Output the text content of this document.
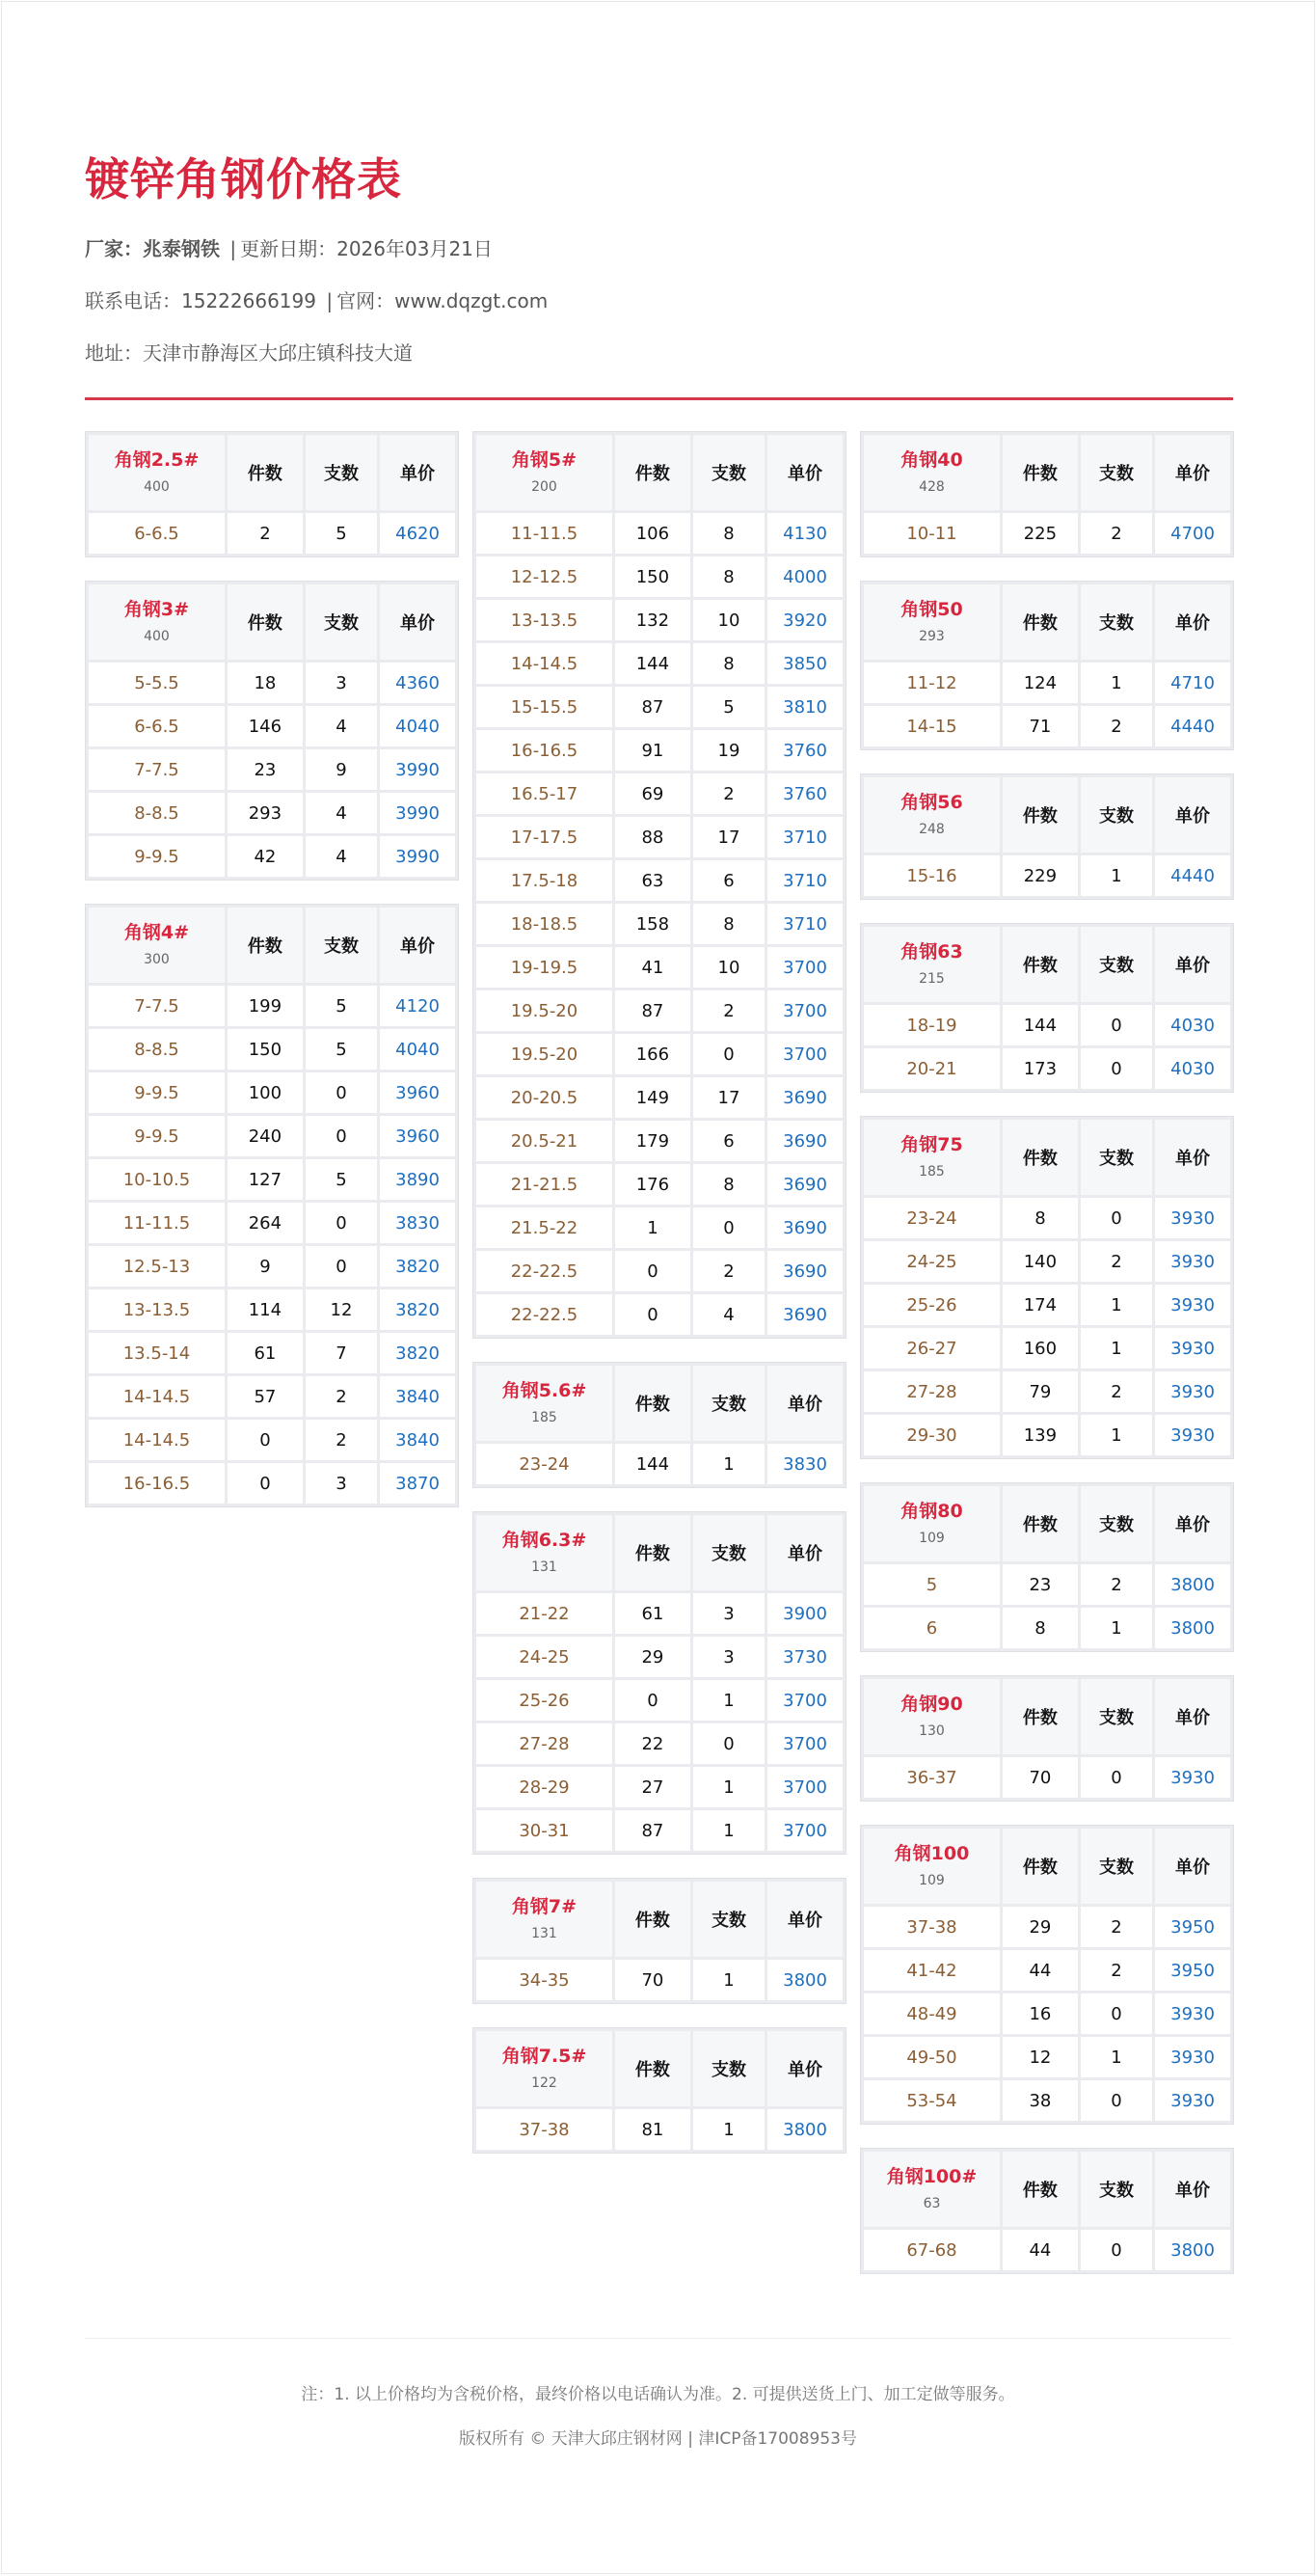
镀锌角钢价格表
厂家：兆泰钢铁 | 更新日期：2026年03月21日
联系电话：15222666199 | 官网：www.dqzgt.com
地址：天津市静海区大邱庄镇科技大道
角钢2.5#
400	件数	支数	单价
6-6.5	2	5	4620
角钢3#
400	件数	支数	单价
5-5.5	18	3	4360
6-6.5	146	4	4040
7-7.5	23	9	3990
8-8.5	293	4	3990
9-9.5	42	4	3990
角钢4#
300	件数	支数	单价
7-7.5	199	5	4120
8-8.5	150	5	4040
9-9.5	100	0	3960
9-9.5	240	0	3960
10-10.5	127	5	3890
11-11.5	264	0	3830
12.5-13	9	0	3820
13-13.5	114	12	3820
13.5-14	61	7	3820
14-14.5	57	2	3840
14-14.5	0	2	3840
16-16.5	0	3	3870
角钢5#
200	件数	支数	单价
11-11.5	106	8	4130
12-12.5	150	8	4000
13-13.5	132	10	3920
14-14.5	144	8	3850
15-15.5	87	5	3810
16-16.5	91	19	3760
16.5-17	69	2	3760
17-17.5	88	17	3710
17.5-18	63	6	3710
18-18.5	158	8	3710
19-19.5	41	10	3700
19.5-20	87	2	3700
19.5-20	166	0	3700
20-20.5	149	17	3690
20.5-21	179	6	3690
21-21.5	176	8	3690
21.5-22	1	0	3690
22-22.5	0	2	3690
22-22.5	0	4	3690
角钢5.6#
185	件数	支数	单价
23-24	144	1	3830
角钢6.3#
131	件数	支数	单价
21-22	61	3	3900
24-25	29	3	3730
25-26	0	1	3700
27-28	22	0	3700
28-29	27	1	3700
30-31	87	1	3700
角钢7#
131	件数	支数	单价
34-35	70	1	3800
角钢7.5#
122	件数	支数	单价
37-38	81	1	3800
角钢40
428	件数	支数	单价
10-11	225	2	4700
角钢50
293	件数	支数	单价
11-12	124	1	4710
14-15	71	2	4440
角钢56
248	件数	支数	单价
15-16	229	1	4440
角钢63
215	件数	支数	单价
18-19	144	0	4030
20-21	173	0	4030
角钢75
185	件数	支数	单价
23-24	8	0	3930
24-25	140	2	3930
25-26	174	1	3930
26-27	160	1	3930
27-28	79	2	3930
29-30	139	1	3930
角钢80
109	件数	支数	单价
5	23	2	3800
6	8	1	3800
角钢90
130	件数	支数	单价
36-37	70	0	3930
角钢100
109	件数	支数	单价
37-38	29	2	3950
41-42	44	2	3950
48-49	16	0	3930
49-50	12	1	3930
53-54	38	0	3930
角钢100#
63	件数	支数	单价
67-68	44	0	3800

注：1. 以上价格均为含税价格，最终价格以电话确认为准。2. 可提供送货上门、加工定做等服务。

版权所有 © 天津大邱庄钢材网 | 津ICP备17008953号
